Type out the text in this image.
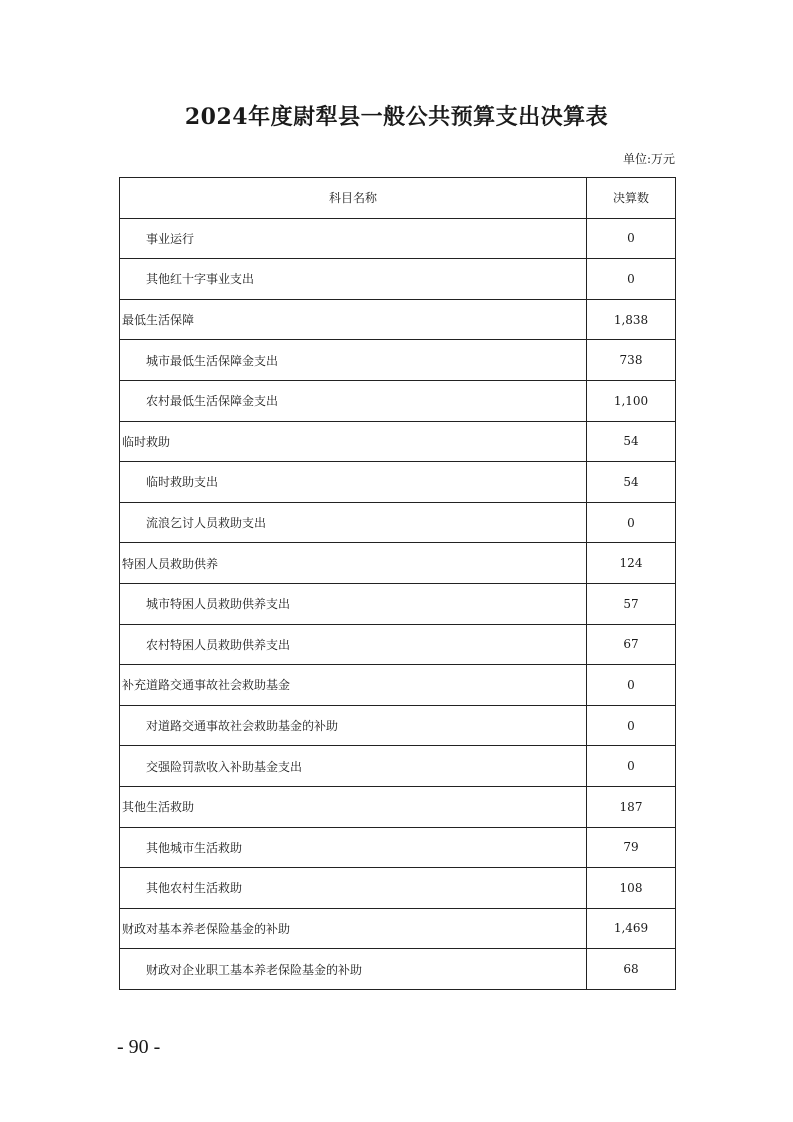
2024年度尉犁县一般公共预算支出决算表
单位:万元
科目名称	决算数
事业运行	0
其他红十字事业支出	0
最低生活保障	1,838
城市最低生活保障金支出	738
农村最低生活保障金支出	1,100
临时救助	54
临时救助支出	54
流浪乞讨人员救助支出	0
特困人员救助供养	124
城市特困人员救助供养支出	57
农村特困人员救助供养支出	67
补充道路交通事故社会救助基金	0
对道路交通事故社会救助基金的补助	0
交强险罚款收入补助基金支出	0
其他生活救助	187
其他城市生活救助	79
其他农村生活救助	108
财政对基本养老保险基金的补助	1,469
财政对企业职工基本养老保险基金的补助	68
- 90 -
